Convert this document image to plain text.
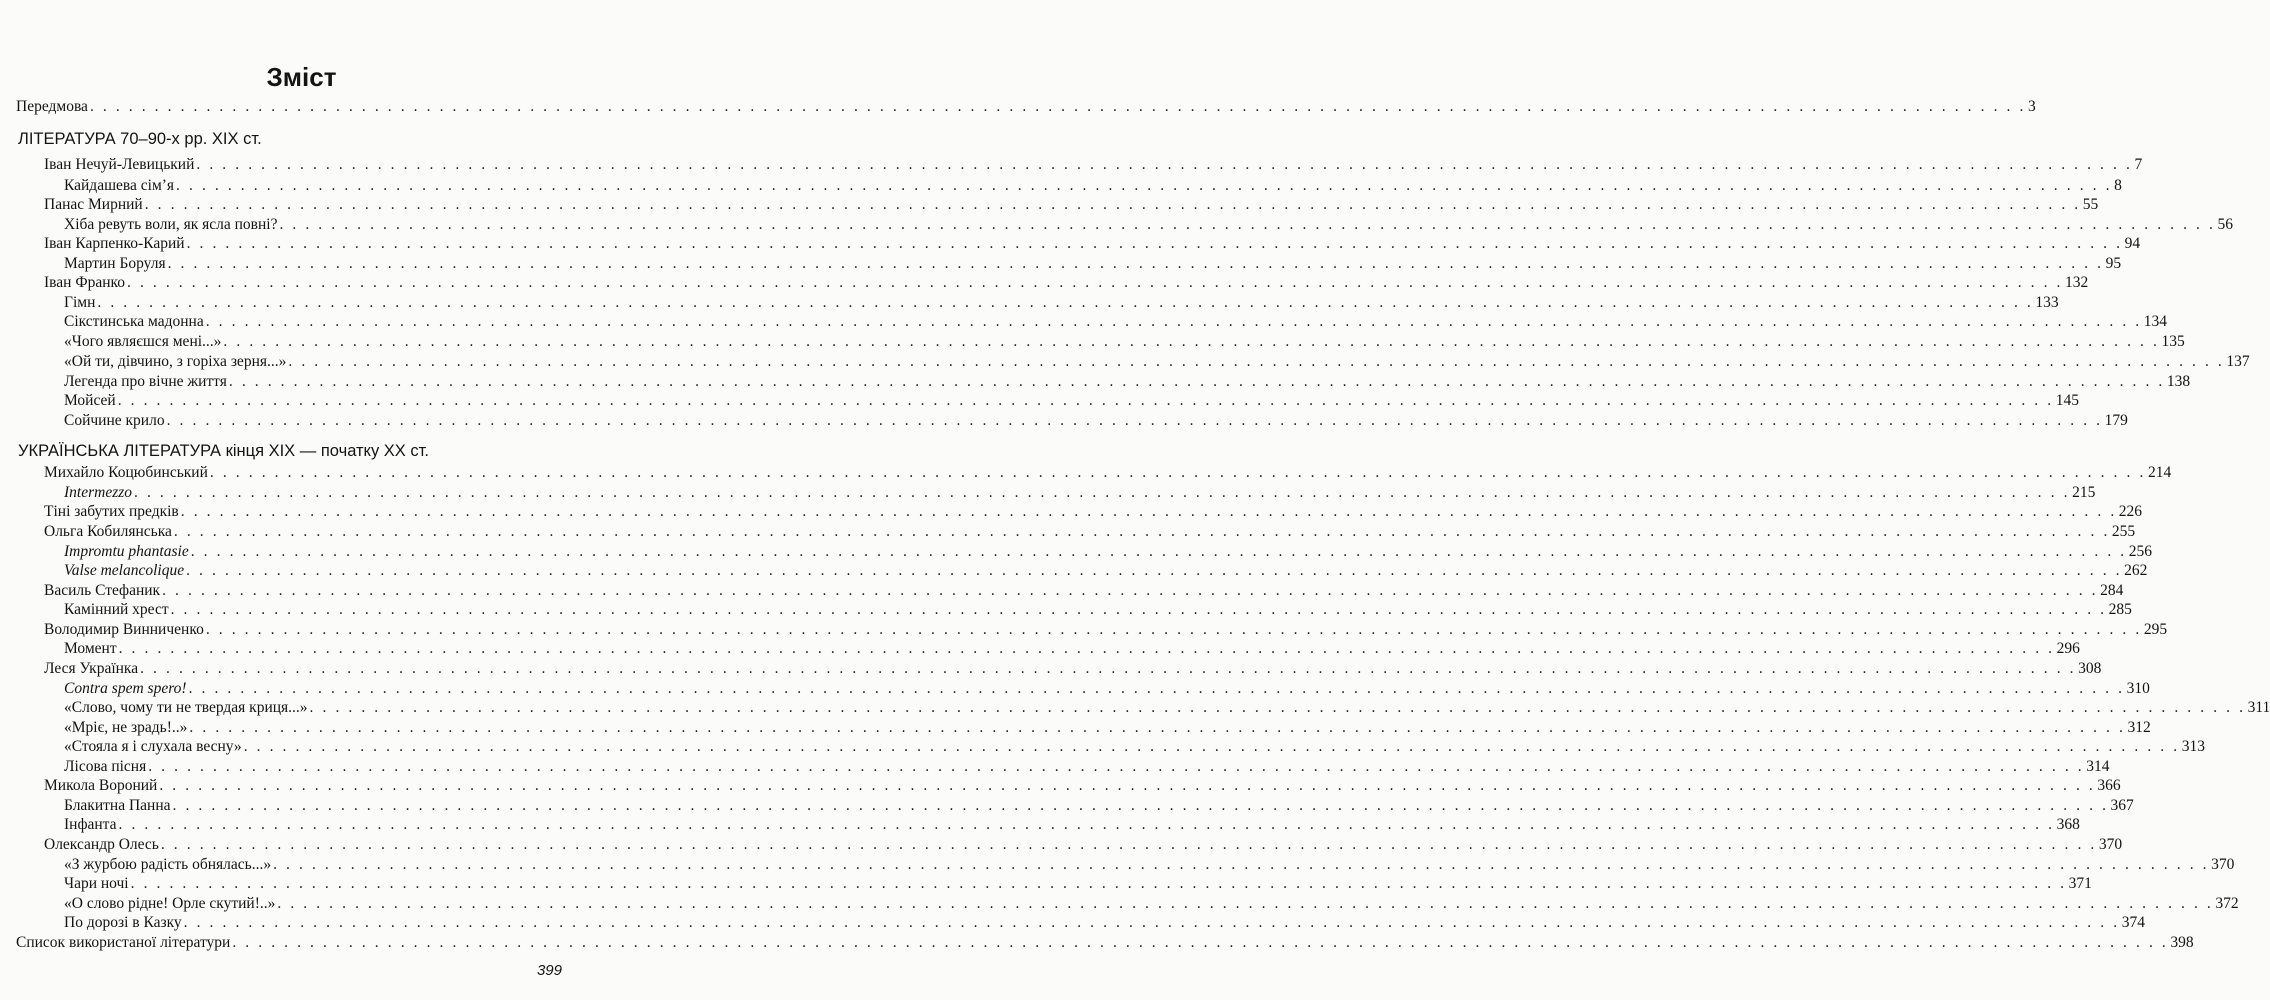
Зміст
Передмова . . . . . . . . . . . . . . . . . . . . . . . . . . . . . . . . . . . . . . . . . . . . . . . . . . . . . . . . . . . . . . . . . . . . . . . . . . . . . . . . . . . . . . . . . . . . . . . . . . . . . . . . . . . . . . . . . . . . . . . . . . . . . . . . . . . . . . . . . . . . . . . . . . . . . . 3
ЛІТЕРАТУРА 70–90-х рр. XIX ст.
Іван Нечуй-Левицький . . . . . . . . . . . . . . . . . . . . . . . . . . . . . . . . . . . . . . . . . . . . . . . . . . . . . . . . . . . . . . . . . . . . . . . . . . . . . . . . . . . . . . . . . . . . . . . . . . . . . . . . . . . . . . . . . . . . . . . . . . . . . . . . . . . . . . . . . . . . . . . . . . . . . . 7
Кайдашева сім’я . . . . . . . . . . . . . . . . . . . . . . . . . . . . . . . . . . . . . . . . . . . . . . . . . . . . . . . . . . . . . . . . . . . . . . . . . . . . . . . . . . . . . . . . . . . . . . . . . . . . . . . . . . . . . . . . . . . . . . . . . . . . . . . . . . . . . . . . . . . . . . . . . . . . . . 8
Панас Мирний . . . . . . . . . . . . . . . . . . . . . . . . . . . . . . . . . . . . . . . . . . . . . . . . . . . . . . . . . . . . . . . . . . . . . . . . . . . . . . . . . . . . . . . . . . . . . . . . . . . . . . . . . . . . . . . . . . . . . . . . . . . . . . . . . . . . . . . . . . . . . . . . . . . . . . 55
Хіба ревуть воли, як ясла повні? . . . . . . . . . . . . . . . . . . . . . . . . . . . . . . . . . . . . . . . . . . . . . . . . . . . . . . . . . . . . . . . . . . . . . . . . . . . . . . . . . . . . . . . . . . . . . . . . . . . . . . . . . . . . . . . . . . . . . . . . . . . . . . . . . . . . . . . . . . . . . . . . . . . . . . 56
Іван Карпенко-Карий . . . . . . . . . . . . . . . . . . . . . . . . . . . . . . . . . . . . . . . . . . . . . . . . . . . . . . . . . . . . . . . . . . . . . . . . . . . . . . . . . . . . . . . . . . . . . . . . . . . . . . . . . . . . . . . . . . . . . . . . . . . . . . . . . . . . . . . . . . . . . . . . . . . . . . 94
Мартин Боруля . . . . . . . . . . . . . . . . . . . . . . . . . . . . . . . . . . . . . . . . . . . . . . . . . . . . . . . . . . . . . . . . . . . . . . . . . . . . . . . . . . . . . . . . . . . . . . . . . . . . . . . . . . . . . . . . . . . . . . . . . . . . . . . . . . . . . . . . . . . . . . . . . . . . . . 95
Іван Франко . . . . . . . . . . . . . . . . . . . . . . . . . . . . . . . . . . . . . . . . . . . . . . . . . . . . . . . . . . . . . . . . . . . . . . . . . . . . . . . . . . . . . . . . . . . . . . . . . . . . . . . . . . . . . . . . . . . . . . . . . . . . . . . . . . . . . . . . . . . . . . . . . . . . . . 132
Гімн . . . . . . . . . . . . . . . . . . . . . . . . . . . . . . . . . . . . . . . . . . . . . . . . . . . . . . . . . . . . . . . . . . . . . . . . . . . . . . . . . . . . . . . . . . . . . . . . . . . . . . . . . . . . . . . . . . . . . . . . . . . . . . . . . . . . . . . . . . . . . . . . . . . . . . 133
Сікстинська мадонна . . . . . . . . . . . . . . . . . . . . . . . . . . . . . . . . . . . . . . . . . . . . . . . . . . . . . . . . . . . . . . . . . . . . . . . . . . . . . . . . . . . . . . . . . . . . . . . . . . . . . . . . . . . . . . . . . . . . . . . . . . . . . . . . . . . . . . . . . . . . . . . . . . . . . . 134
«Чого являєшся мені...» . . . . . . . . . . . . . . . . . . . . . . . . . . . . . . . . . . . . . . . . . . . . . . . . . . . . . . . . . . . . . . . . . . . . . . . . . . . . . . . . . . . . . . . . . . . . . . . . . . . . . . . . . . . . . . . . . . . . . . . . . . . . . . . . . . . . . . . . . . . . . . . . . . . . . . 135
«Ой ти, дівчино, з горіха зерня...» . . . . . . . . . . . . . . . . . . . . . . . . . . . . . . . . . . . . . . . . . . . . . . . . . . . . . . . . . . . . . . . . . . . . . . . . . . . . . . . . . . . . . . . . . . . . . . . . . . . . . . . . . . . . . . . . . . . . . . . . . . . . . . . . . . . . . . . . . . . . . . . . . . . . . . 137
Легенда про вічне життя . . . . . . . . . . . . . . . . . . . . . . . . . . . . . . . . . . . . . . . . . . . . . . . . . . . . . . . . . . . . . . . . . . . . . . . . . . . . . . . . . . . . . . . . . . . . . . . . . . . . . . . . . . . . . . . . . . . . . . . . . . . . . . . . . . . . . . . . . . . . . . . . . . . . . . 138
Мойсей . . . . . . . . . . . . . . . . . . . . . . . . . . . . . . . . . . . . . . . . . . . . . . . . . . . . . . . . . . . . . . . . . . . . . . . . . . . . . . . . . . . . . . . . . . . . . . . . . . . . . . . . . . . . . . . . . . . . . . . . . . . . . . . . . . . . . . . . . . . . . . . . . . . . . . 145
Сойчине крило . . . . . . . . . . . . . . . . . . . . . . . . . . . . . . . . . . . . . . . . . . . . . . . . . . . . . . . . . . . . . . . . . . . . . . . . . . . . . . . . . . . . . . . . . . . . . . . . . . . . . . . . . . . . . . . . . . . . . . . . . . . . . . . . . . . . . . . . . . . . . . . . . . . . . . 179
УКРАЇНСЬКА ЛІТЕРАТУРА кінця XIX — початку XX ст.
Михайло Коцюбинський . . . . . . . . . . . . . . . . . . . . . . . . . . . . . . . . . . . . . . . . . . . . . . . . . . . . . . . . . . . . . . . . . . . . . . . . . . . . . . . . . . . . . . . . . . . . . . . . . . . . . . . . . . . . . . . . . . . . . . . . . . . . . . . . . . . . . . . . . . . . . . . . . . . . . . 214
Intermezzo . . . . . . . . . . . . . . . . . . . . . . . . . . . . . . . . . . . . . . . . . . . . . . . . . . . . . . . . . . . . . . . . . . . . . . . . . . . . . . . . . . . . . . . . . . . . . . . . . . . . . . . . . . . . . . . . . . . . . . . . . . . . . . . . . . . . . . . . . . . . . . . . . . . . . . 215
Тіні забутих предків . . . . . . . . . . . . . . . . . . . . . . . . . . . . . . . . . . . . . . . . . . . . . . . . . . . . . . . . . . . . . . . . . . . . . . . . . . . . . . . . . . . . . . . . . . . . . . . . . . . . . . . . . . . . . . . . . . . . . . . . . . . . . . . . . . . . . . . . . . . . . . . . . . . . . . 226
Ольга Кобилянська . . . . . . . . . . . . . . . . . . . . . . . . . . . . . . . . . . . . . . . . . . . . . . . . . . . . . . . . . . . . . . . . . . . . . . . . . . . . . . . . . . . . . . . . . . . . . . . . . . . . . . . . . . . . . . . . . . . . . . . . . . . . . . . . . . . . . . . . . . . . . . . . . . . . . . 255
Impromtu phantasie . . . . . . . . . . . . . . . . . . . . . . . . . . . . . . . . . . . . . . . . . . . . . . . . . . . . . . . . . . . . . . . . . . . . . . . . . . . . . . . . . . . . . . . . . . . . . . . . . . . . . . . . . . . . . . . . . . . . . . . . . . . . . . . . . . . . . . . . . . . . . . . . . . . . . . 256
Valse melancolique . . . . . . . . . . . . . . . . . . . . . . . . . . . . . . . . . . . . . . . . . . . . . . . . . . . . . . . . . . . . . . . . . . . . . . . . . . . . . . . . . . . . . . . . . . . . . . . . . . . . . . . . . . . . . . . . . . . . . . . . . . . . . . . . . . . . . . . . . . . . . . . . . . . . . . 262
Василь Стефаник . . . . . . . . . . . . . . . . . . . . . . . . . . . . . . . . . . . . . . . . . . . . . . . . . . . . . . . . . . . . . . . . . . . . . . . . . . . . . . . . . . . . . . . . . . . . . . . . . . . . . . . . . . . . . . . . . . . . . . . . . . . . . . . . . . . . . . . . . . . . . . . . . . . . . . 284
Камінний хрест . . . . . . . . . . . . . . . . . . . . . . . . . . . . . . . . . . . . . . . . . . . . . . . . . . . . . . . . . . . . . . . . . . . . . . . . . . . . . . . . . . . . . . . . . . . . . . . . . . . . . . . . . . . . . . . . . . . . . . . . . . . . . . . . . . . . . . . . . . . . . . . . . . . . . . 285
Володимир Винниченко . . . . . . . . . . . . . . . . . . . . . . . . . . . . . . . . . . . . . . . . . . . . . . . . . . . . . . . . . . . . . . . . . . . . . . . . . . . . . . . . . . . . . . . . . . . . . . . . . . . . . . . . . . . . . . . . . . . . . . . . . . . . . . . . . . . . . . . . . . . . . . . . . . . . . . 295
Момент . . . . . . . . . . . . . . . . . . . . . . . . . . . . . . . . . . . . . . . . . . . . . . . . . . . . . . . . . . . . . . . . . . . . . . . . . . . . . . . . . . . . . . . . . . . . . . . . . . . . . . . . . . . . . . . . . . . . . . . . . . . . . . . . . . . . . . . . . . . . . . . . . . . . . . 296
Леся Українка . . . . . . . . . . . . . . . . . . . . . . . . . . . . . . . . . . . . . . . . . . . . . . . . . . . . . . . . . . . . . . . . . . . . . . . . . . . . . . . . . . . . . . . . . . . . . . . . . . . . . . . . . . . . . . . . . . . . . . . . . . . . . . . . . . . . . . . . . . . . . . . . . . . . . . 308
Contra spem spero! . . . . . . . . . . . . . . . . . . . . . . . . . . . . . . . . . . . . . . . . . . . . . . . . . . . . . . . . . . . . . . . . . . . . . . . . . . . . . . . . . . . . . . . . . . . . . . . . . . . . . . . . . . . . . . . . . . . . . . . . . . . . . . . . . . . . . . . . . . . . . . . . . . . . . . 310
«Слово, чому ти не твердая криця...» . . . . . . . . . . . . . . . . . . . . . . . . . . . . . . . . . . . . . . . . . . . . . . . . . . . . . . . . . . . . . . . . . . . . . . . . . . . . . . . . . . . . . . . . . . . . . . . . . . . . . . . . . . . . . . . . . . . . . . . . . . . . . . . . . . . . . . . . . . . . . . . . . . . . . . 311
«Мріє, не зрадь!..» . . . . . . . . . . . . . . . . . . . . . . . . . . . . . . . . . . . . . . . . . . . . . . . . . . . . . . . . . . . . . . . . . . . . . . . . . . . . . . . . . . . . . . . . . . . . . . . . . . . . . . . . . . . . . . . . . . . . . . . . . . . . . . . . . . . . . . . . . . . . . . . . . . . . . . 312
«Стояла я і слухала весну» . . . . . . . . . . . . . . . . . . . . . . . . . . . . . . . . . . . . . . . . . . . . . . . . . . . . . . . . . . . . . . . . . . . . . . . . . . . . . . . . . . . . . . . . . . . . . . . . . . . . . . . . . . . . . . . . . . . . . . . . . . . . . . . . . . . . . . . . . . . . . . . . . . . . . . 313
Лісова пісня . . . . . . . . . . . . . . . . . . . . . . . . . . . . . . . . . . . . . . . . . . . . . . . . . . . . . . . . . . . . . . . . . . . . . . . . . . . . . . . . . . . . . . . . . . . . . . . . . . . . . . . . . . . . . . . . . . . . . . . . . . . . . . . . . . . . . . . . . . . . . . . . . . . . . . 314
Микола Вороний . . . . . . . . . . . . . . . . . . . . . . . . . . . . . . . . . . . . . . . . . . . . . . . . . . . . . . . . . . . . . . . . . . . . . . . . . . . . . . . . . . . . . . . . . . . . . . . . . . . . . . . . . . . . . . . . . . . . . . . . . . . . . . . . . . . . . . . . . . . . . . . . . . . . . . 366
Блакитна Панна . . . . . . . . . . . . . . . . . . . . . . . . . . . . . . . . . . . . . . . . . . . . . . . . . . . . . . . . . . . . . . . . . . . . . . . . . . . . . . . . . . . . . . . . . . . . . . . . . . . . . . . . . . . . . . . . . . . . . . . . . . . . . . . . . . . . . . . . . . . . . . . . . . . . . . 367
Інфанта . . . . . . . . . . . . . . . . . . . . . . . . . . . . . . . . . . . . . . . . . . . . . . . . . . . . . . . . . . . . . . . . . . . . . . . . . . . . . . . . . . . . . . . . . . . . . . . . . . . . . . . . . . . . . . . . . . . . . . . . . . . . . . . . . . . . . . . . . . . . . . . . . . . . . . 368
Олександр Олесь . . . . . . . . . . . . . . . . . . . . . . . . . . . . . . . . . . . . . . . . . . . . . . . . . . . . . . . . . . . . . . . . . . . . . . . . . . . . . . . . . . . . . . . . . . . . . . . . . . . . . . . . . . . . . . . . . . . . . . . . . . . . . . . . . . . . . . . . . . . . . . . . . . . . . . 370
«З журбою радість обнялась...» . . . . . . . . . . . . . . . . . . . . . . . . . . . . . . . . . . . . . . . . . . . . . . . . . . . . . . . . . . . . . . . . . . . . . . . . . . . . . . . . . . . . . . . . . . . . . . . . . . . . . . . . . . . . . . . . . . . . . . . . . . . . . . . . . . . . . . . . . . . . . . . . . . . . . . 370
Чари ночі . . . . . . . . . . . . . . . . . . . . . . . . . . . . . . . . . . . . . . . . . . . . . . . . . . . . . . . . . . . . . . . . . . . . . . . . . . . . . . . . . . . . . . . . . . . . . . . . . . . . . . . . . . . . . . . . . . . . . . . . . . . . . . . . . . . . . . . . . . . . . . . . . . . . . . 371
«О слово рідне! Орле скутий!..» . . . . . . . . . . . . . . . . . . . . . . . . . . . . . . . . . . . . . . . . . . . . . . . . . . . . . . . . . . . . . . . . . . . . . . . . . . . . . . . . . . . . . . . . . . . . . . . . . . . . . . . . . . . . . . . . . . . . . . . . . . . . . . . . . . . . . . . . . . . . . . . . . . . . . . 372
По дорозі в Казку . . . . . . . . . . . . . . . . . . . . . . . . . . . . . . . . . . . . . . . . . . . . . . . . . . . . . . . . . . . . . . . . . . . . . . . . . . . . . . . . . . . . . . . . . . . . . . . . . . . . . . . . . . . . . . . . . . . . . . . . . . . . . . . . . . . . . . . . . . . . . . . . . . . . . . 374
Список використаної літератури . . . . . . . . . . . . . . . . . . . . . . . . . . . . . . . . . . . . . . . . . . . . . . . . . . . . . . . . . . . . . . . . . . . . . . . . . . . . . . . . . . . . . . . . . . . . . . . . . . . . . . . . . . . . . . . . . . . . . . . . . . . . . . . . . . . . . . . . . . . . . . . . . . . . . . 398
399
